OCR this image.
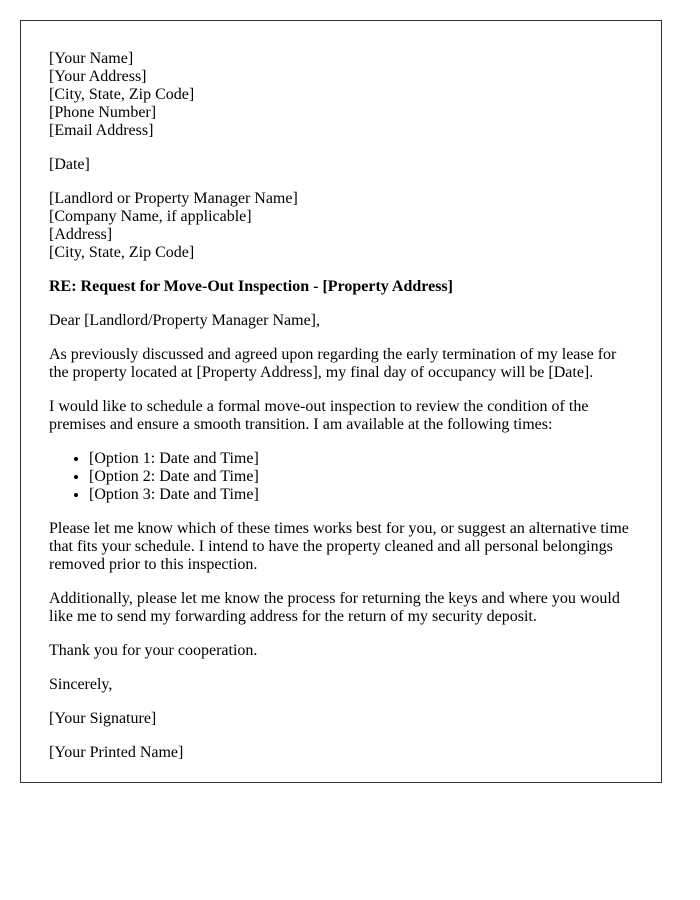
[Your Name]
[Your Address]
[City, State, Zip Code]
[Phone Number]
[Email Address]

[Date]

[Landlord or Property Manager Name]
[Company Name, if applicable]
[Address]
[City, State, Zip Code]

RE: Request for Move-Out Inspection - [Property Address]

Dear [Landlord/Property Manager Name],

As previously discussed and agreed upon regarding the early termination of my lease for the property located at [Property Address], my final day of occupancy will be [Date].

I would like to schedule a formal move-out inspection to review the condition of the premises and ensure a smooth transition. I am available at the following times:

• [Option 1: Date and Time]
• [Option 2: Date and Time]
• [Option 3: Date and Time]

Please let me know which of these times works best for you, or suggest an alternative time that fits your schedule. I intend to have the property cleaned and all personal belongings removed prior to this inspection.

Additionally, please let me know the process for returning the keys and where you would like me to send my forwarding address for the return of my security deposit.

Thank you for your cooperation.

Sincerely,

[Your Signature]

[Your Printed Name]
